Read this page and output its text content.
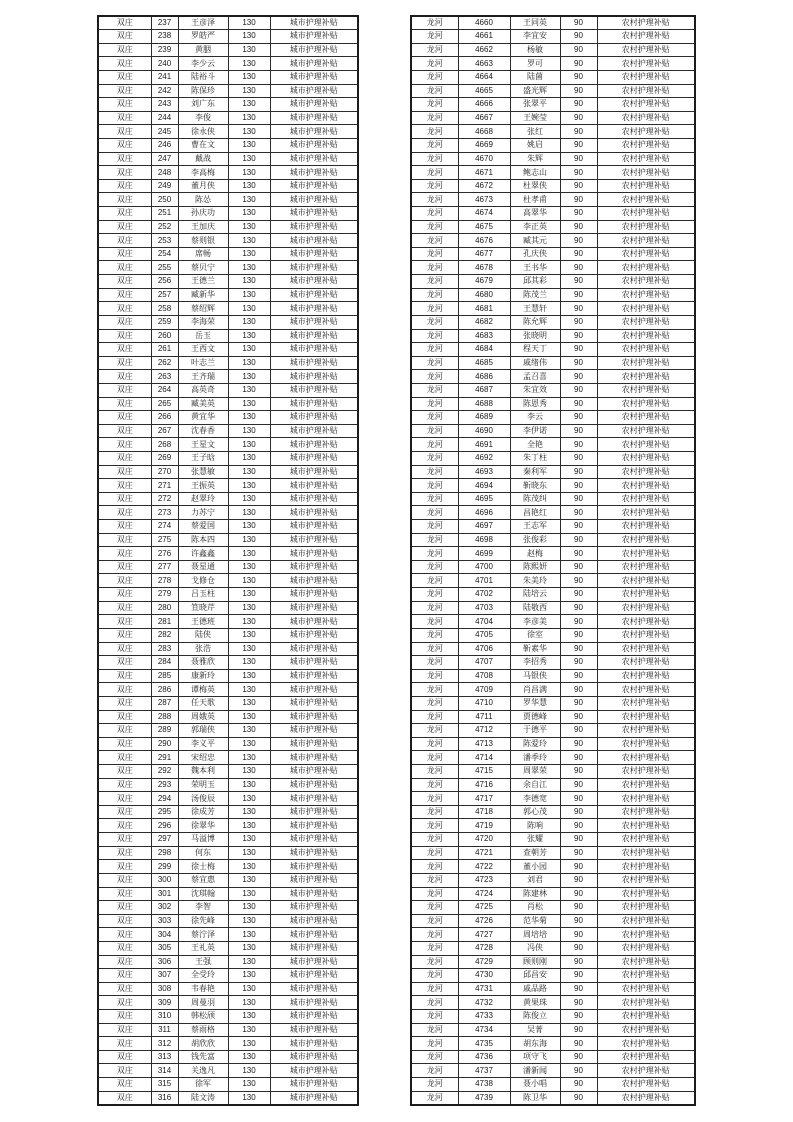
双庄	237	王彦泽	130	城市护理补贴
双庄	238	罗皓严	130	城市护理补贴
双庄	239	黄胭	130	城市护理补贴
双庄	240	李少云	130	城市护理补贴
双庄	241	陆裕斗	130	城市护理补贴
双庄	242	陈保珍	130	城市护理补贴
双庄	243	刘广东	130	城市护理补贴
双庄	244	李俊	130	城市护理补贴
双庄	245	徐永侠	130	城市护理补贴
双庄	246	曹在文	130	城市护理补贴
双庄	247	戴战	130	城市护理补贴
双庄	248	李高梅	130	城市护理补贴
双庄	249	董月侠	130	城市护理补贴
双庄	250	陈怂	130	城市护理补贴
双庄	251	孙庆功	130	城市护理补贴
双庄	252	王加庆	130	城市护理补贴
双庄	253	蔡则银	130	城市护理补贴
双庄	254	席畅	130	城市护理补贴
双庄	255	蔡贝宁	130	城市护理补贴
双庄	256	王德兰	130	城市护理补贴
双庄	257	臧新华	130	城市护理补贴
双庄	258	蔡绍辉	130	城市护理补贴
双庄	259	李海荣	130	城市护理补贴
双庄	260	岳玉	130	城市护理补贴
双庄	261	王西文	130	城市护理补贴
双庄	262	叶志兰	130	城市护理补贴
双庄	263	王齐瑞	130	城市护理补贴
双庄	264	高英奇	130	城市护理补贴
双庄	265	臧美英	130	城市护理补贴
双庄	266	黄宜华	130	城市护理补贴
双庄	267	沈春香	130	城市护理补贴
双庄	268	王星文	130	城市护理补贴
双庄	269	王子晗	130	城市护理补贴
双庄	270	张慧敏	130	城市护理补贴
双庄	271	王振英	130	城市护理补贴
双庄	272	赵翠玲	130	城市护理补贴
双庄	273	力苏宁	130	城市护理补贴
双庄	274	蔡爱国	130	城市护理补贴
双庄	275	陈本四	130	城市护理补贴
双庄	276	许鑫鑫	130	城市护理补贴
双庄	277	聂星通	130	城市护理补贴
双庄	278	戈修仓	130	城市护理补贴
双庄	279	吕玉柱	130	城市护理补贴
双庄	280	笪晓芹	130	城市护理补贴
双庄	281	王德班	130	城市护理补贴
双庄	282	陆侠	130	城市护理补贴
双庄	283	张浩	130	城市护理补贴
双庄	284	聂雅欣	130	城市护理补贴
双庄	285	康新玲	130	城市护理补贴
双庄	286	谭梅英	130	城市护理补贴
双庄	287	任天歌	130	城市护理补贴
双庄	288	周娥英	130	城市护理补贴
双庄	289	郭瑞侠	130	城市护理补贴
双庄	290	李义平	130	城市护理补贴
双庄	291	宋绍忠	130	城市护理补贴
双庄	292	魏本利	130	城市护理补贴
双庄	293	荣明玉	130	城市护理补贴
双庄	294	汤俊辰	130	城市护理补贴
双庄	295	徐成芳	130	城市护理补贴
双庄	296	徐翠华	130	城市护理补贴
双庄	297	马溢博	130	城市护理补贴
双庄	298	何东	130	城市护理补贴
双庄	299	徐士梅	130	城市护理补贴
双庄	300	蔡宜惠	130	城市护理补贴
双庄	301	沈琪翰	130	城市护理补贴
双庄	302	李智	130	城市护理补贴
双庄	303	徐先峰	130	城市护理补贴
双庄	304	蔡泞泽	130	城市护理补贴
双庄	305	王礼英	130	城市护理补贴
双庄	306	王强	130	城市护理补贴
双庄	307	全受玲	130	城市护理补贴
双庄	308	韦春艳	130	城市护理补贴
双庄	309	周曼羽	130	城市护理补贴
双庄	310	韩松颀	130	城市护理补贴
双庄	311	蔡雨格	130	城市护理补贴
双庄	312	胡欣欣	130	城市护理补贴
双庄	313	钱先富	130	城市护理补贴
双庄	314	关逸凡	130	城市护理补贴
双庄	315	徐军	130	城市护理补贴
双庄	316	陆文涛	130	城市护理补贴
龙河	4660	王同英	90	农村护理补贴
龙河	4661	李宜安	90	农村护理补贴
龙河	4662	杨敏	90	农村护理补贴
龙河	4663	罗可	90	农村护理补贴
龙河	4664	陆菌	90	农村护理补贴
龙河	4665	盛光辉	90	农村护理补贴
龙河	4666	张翠平	90	农村护理补贴
龙河	4667	王婉莹	90	农村护理补贴
龙河	4668	张红	90	农村护理补贴
龙河	4669	姚启	90	农村护理补贴
龙河	4670	朱辉	90	农村护理补贴
龙河	4671	鲍志山	90	农村护理补贴
龙河	4672	杜翠侠	90	农村护理补贴
龙河	4673	杜孝甫	90	农村护理补贴
龙河	4674	高翠华	90	农村护理补贴
龙河	4675	李正英	90	农村护理补贴
龙河	4676	臧其元	90	农村护理补贴
龙河	4677	孔庆侠	90	农村护理补贴
龙河	4678	王书华	90	农村护理补贴
龙河	4679	邱其彩	90	农村护理补贴
龙河	4680	陈茂兰	90	农村护理补贴
龙河	4681	王慧轩	90	农村护理补贴
龙河	4682	陈允辉	90	农村护理补贴
龙河	4683	张晓明	90	农村护理补贴
龙河	4684	程天丁	90	农村护理补贴
龙河	4685	戚绪伟	90	农村护理补贴
龙河	4686	孟召喜	90	农村护理补贴
龙河	4687	朱宜效	90	农村护理补贴
龙河	4688	陈恩秀	90	农村护理补贴
龙河	4689	李云	90	农村护理补贴
龙河	4690	李伊诺	90	农村护理补贴
龙河	4691	全艳	90	农村护理补贴
龙河	4692	朱丁柱	90	农村护理补贴
龙河	4693	秦利军	90	农村护理补贴
龙河	4694	靳晓东	90	农村护理补贴
龙河	4695	陈茂纠	90	农村护理补贴
龙河	4696	昌艳红	90	农村护理补贴
龙河	4697	王志军	90	农村护理补贴
龙河	4698	张俊彩	90	农村护理补贴
龙河	4699	赵梅	90	农村护理补贴
龙河	4700	陈熙妍	90	农村护理补贴
龙河	4701	朱美玲	90	农村护理补贴
龙河	4702	陆培云	90	农村护理补贴
龙河	4703	陆敬西	90	农村护理补贴
龙河	4704	李彦美	90	农村护理补贴
龙河	4705	徐室	90	农村护理补贴
龙河	4706	靳素华	90	农村护理补贴
龙河	4707	李招秀	90	农村护理补贴
龙河	4708	马银侠	90	农村护理补贴
龙河	4709	肖昌满	90	农村护理补贴
龙河	4710	罗华慧	90	农村护理补贴
龙河	4711	贾德峰	90	农村护理补贴
龙河	4712	于德平	90	农村护理补贴
龙河	4713	陈爱玲	90	农村护理补贴
龙河	4714	潘季玲	90	农村护理补贴
龙河	4715	周翠荣	90	农村护理补贴
龙河	4716	余自江	90	农村护理补贴
龙河	4717	李德宽	90	农村护理补贴
龙河	4718	郭心茂	90	农村护理补贴
龙河	4719	陈响	90	农村护理补贴
龙河	4720	张耀	90	农村护理补贴
龙河	4721	查朝芳	90	农村护理补贴
龙河	4722	董小园	90	农村护理补贴
龙河	4723	刘君	90	农村护理补贴
龙河	4724	陈建林	90	农村护理补贴
龙河	4725	肖松	90	农村护理补贴
龙河	4726	范华菊	90	农村护理补贴
龙河	4727	周培培	90	农村护理补贴
龙河	4728	冯侠	90	农村护理补贴
龙河	4729	顾则刚	90	农村护理补贴
龙河	4730	邱昌安	90	农村护理补贴
龙河	4731	戚品路	90	农村护理补贴
龙河	4732	黄果珠	90	农村护理补贴
龙河	4733	陈俊立	90	农村护理补贴
龙河	4734	吴菁	90	农村护理补贴
龙河	4735	胡东海	90	农村护理补贴
龙河	4736	项守飞	90	农村护理补贴
龙河	4737	潘新闻	90	农村护理补贴
龙河	4738	聂小唱	90	农村护理补贴
龙河	4739	陈卫华	90	农村护理补贴
